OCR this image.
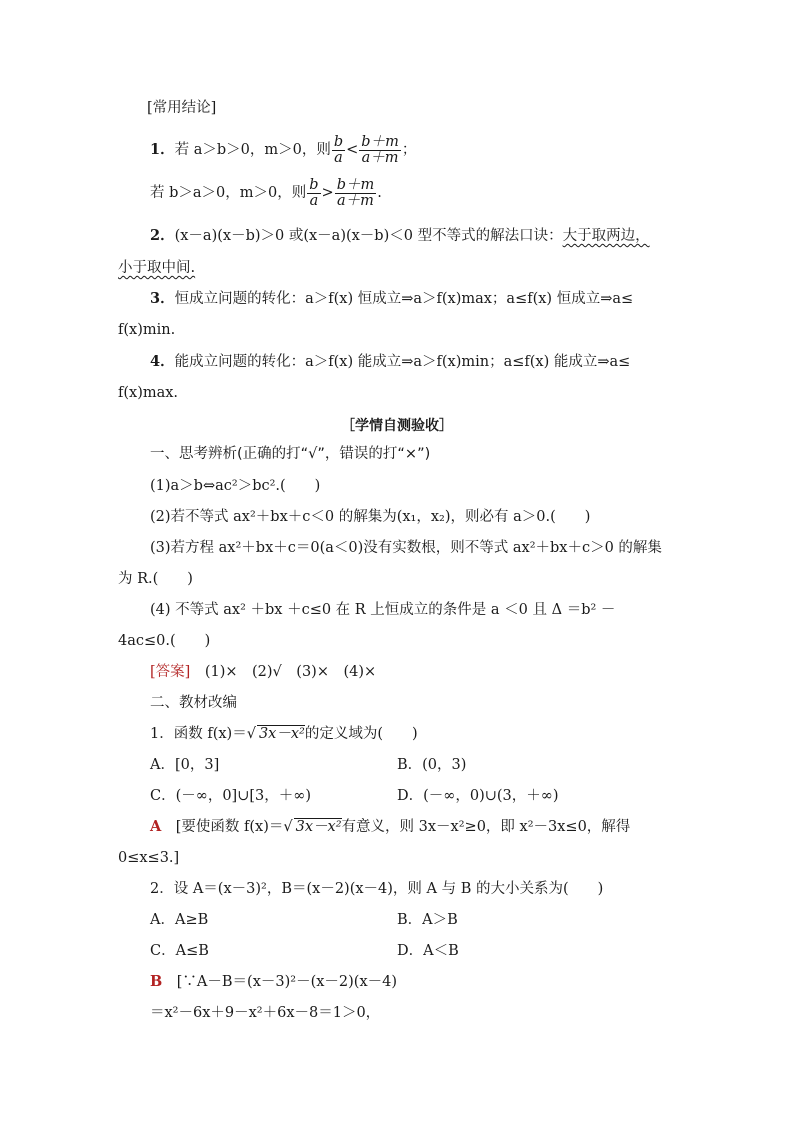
[常用结论]
1．若 a＞b＞0，m＞0，则 $\frac{b}{a} < \frac{b+m}{a+m}$ ；
若 b＞a＞0，m＞0，则 $\frac{b}{a} > \frac{b+m}{a+m}$ .
2．(x－a)(x－b)＞0 或(x－a)(x－b)＜0 型不等式的解法口诀：大于取两边，
小于取中间.
3．恒成立问题的转化：a＞f(x) 恒成立⇒a＞f(x)max；a≤f(x) 恒成立⇒a≤
f(x)min.
4．能成立问题的转化：a＞f(x) 能成立⇒a＞f(x)min；a≤f(x) 能成立⇒a≤
f(x)max.
［学情自测验收］
一、思考辨析(正确的打“√”，错误的打“×”)
(1)a＞b⇔ac²＞bc².(　　)
(2)若不等式 ax²＋bx＋c＜0 的解集为(x₁，x₂)，则必有 a＞0.(　　)
(3)若方程 ax²＋bx＋c＝0(a＜0)没有实数根，则不等式 ax²＋bx＋c＞0 的解集
为 R.(　　)
(4) 不等式 ax² ＋bx ＋c≤0 在 R 上恒成立的条件是 a ＜0 且 Δ ＝b² －
4ac≤0.(　　)
[答案]　 (1)×　(2)√　(3)×　(4)×
二、教材改编
1．函数 f(x)＝√ 3x－x²的定义域为(　　)
A．[0，3]	B．(0，3)
C．(－∞，0]∪[3，＋∞)	D．(－∞，0)∪(3，＋∞)
A　 [要使函数 f(x)＝√ 3x－x²有意义，则 3x－x²≥0，即 x²－3x≤0，解得
0≤x≤3.]
2．设 A＝(x－3)²，B＝(x－2)(x－4)，则 A 与 B 的大小关系为(　　)
A．A≥B	B．A＞B
C．A≤B	D．A＜B
B　 [∵A－B＝(x－3)²－(x－2)(x－4)
＝x²－6x＋9－x²＋6x－8＝1＞0，
